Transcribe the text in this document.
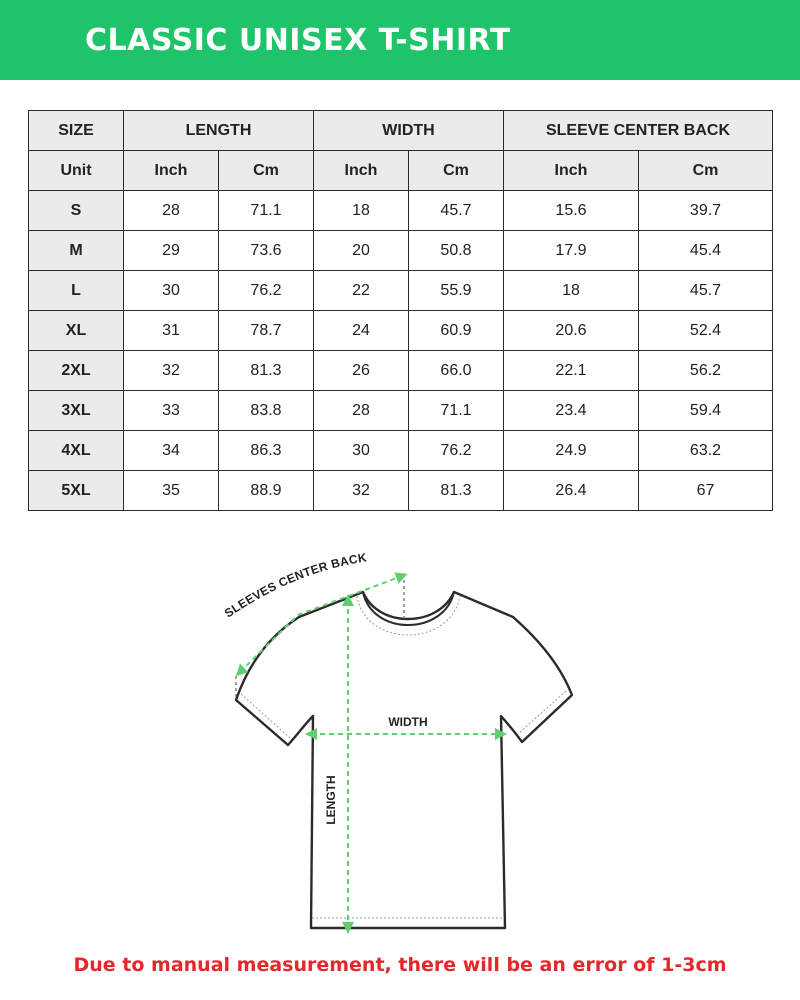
CLASSIC UNISEX T-SHIRT
SIZE	LENGTH		WIDTH		SLEEVE CENTER BACK	
Unit	Inch	Cm	Inch	Cm	Inch	Cm
S	28	71.1	18	45.7	15.6	39.7
M	29	73.6	20	50.8	17.9	45.4
L	30	76.2	22	55.9	18	45.7
XL	31	78.7	24	60.9	20.6	52.4
2XL	32	81.3	26	66.0	22.1	56.2
3XL	33	83.8	28	71.1	23.4	59.4
4XL	34	86.3	30	76.2	24.9	63.2
5XL	35	88.9	32	81.3	26.4	67
SLEEVES CENTER BACK
WIDTH
LENGTH

Due to manual measurement, there will be an error of 1-3cm
